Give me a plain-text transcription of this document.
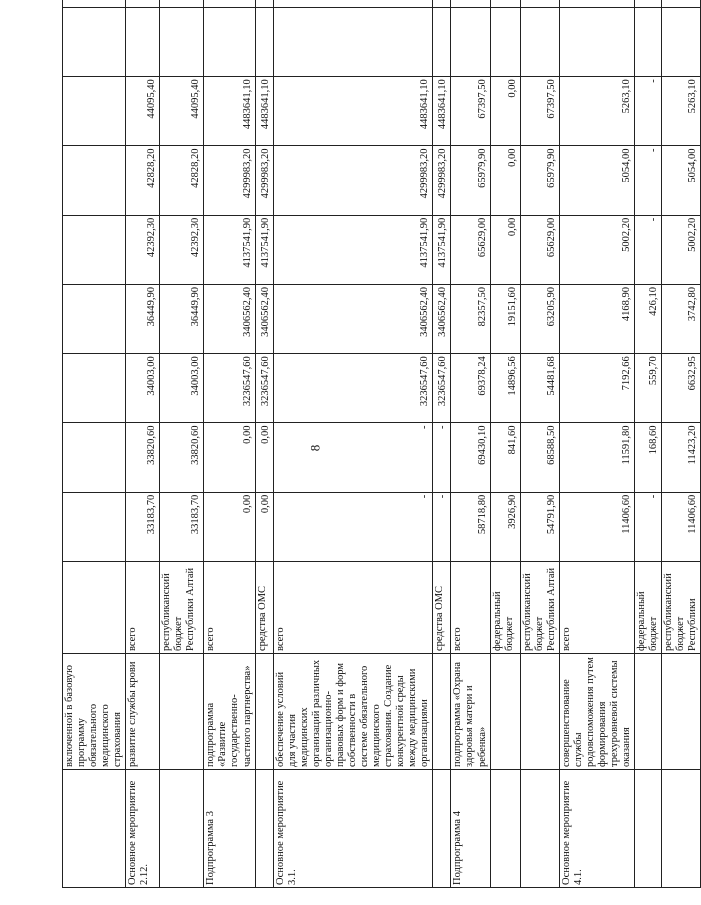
8
	включенной в базовую программу обязательного медицинского страхования										
Основное мероприятие 2.12.	развитие службы крови	всего	33183,70	33820,60	34003,00	36449,90	42392,30	42828,20	44095,40		
		республиканский бюджет Республики Алтай	33183,70	33820,60	34003,00	36449,90	42392,30	42828,20	44095,40		
Подпрограмма 3	подпрограмма «Развитие государственно-частного партнерства»	всего	0,00	0,00	3236547,60	3406562,40	4137541,90	4299983,20	4483641,10		
		средства ОМС	0,00	0,00	3236547,60	3406562,40	4137541,90	4299983,20	4483641,10		
Основное мероприятие 3.1.	обеспечение условий для участия медицинских организаций различных организационно-правовых форм и форм собственности в системе обязательного медицинского страхования. Создание конкурентной среды между медицинскими организациями	всего	-	-	3236547,60	3406562,40	4137541,90	4299983,20	4483641,10		
		средства ОМС	-	-	3236547,60	3406562,40	4137541,90	4299983,20	4483641,10		
Подпрограмма 4	подпрограмма «Охрана здоровья матери и ребенка»	всего	58718,80	69430,10	69378,24	82357,50	65629,00	65979,90	67397,50		
		федеральный бюджет	3926,90	841,60	14896,56	19151,60	0,00	0,00	0,00		
		республиканский бюджет Республики Алтай	54791,90	68588,50	54481,68	63205,90	65629,00	65979,90	67397,50		
Основное мероприятие 4.1.	совершенствование службы родовспоможения путем формирования трехуровневой системы оказания	всего	11406,60	11591,80	7192,66	4168,90	5002,20	5054,00	5263,10		
		федеральный бюджет	-	168,60	559,70	426,10	-	-	-		
		республиканский бюджет Республики	11406,60	11423,20	6632,95	3742,80	5002,20	5054,00	5263,10		
